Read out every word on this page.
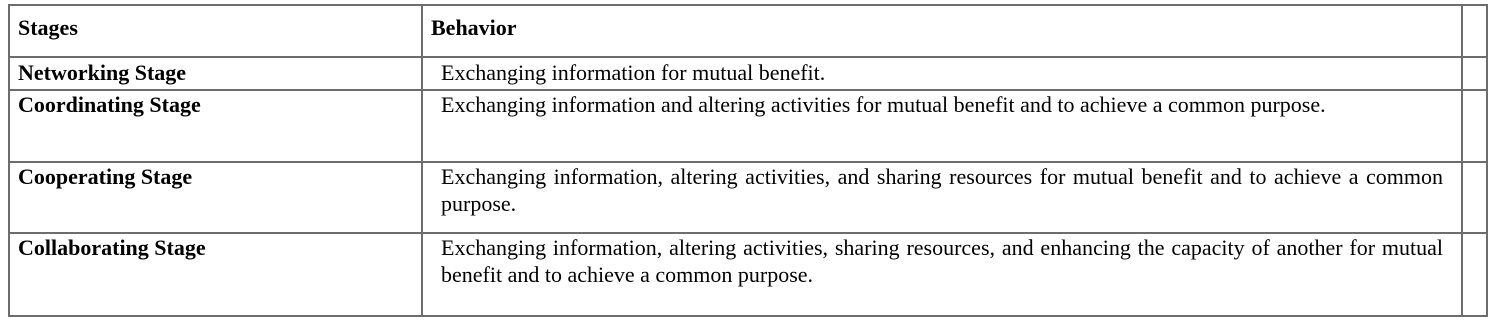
Stages	Behavior	
Networking Stage	Exchanging information for mutual benefit.	
Coordinating Stage	Exchanging information and altering activities for mutual benefit and to achieve a common purpose.	
Cooperating Stage	Exchanging information, altering activities, and sharing resources for mutual benefit and to achieve a common purpose.	
Collaborating Stage	Exchanging information, altering activities, sharing resources, and enhancing the capacity of another for mutual benefit and to achieve a common purpose.	
